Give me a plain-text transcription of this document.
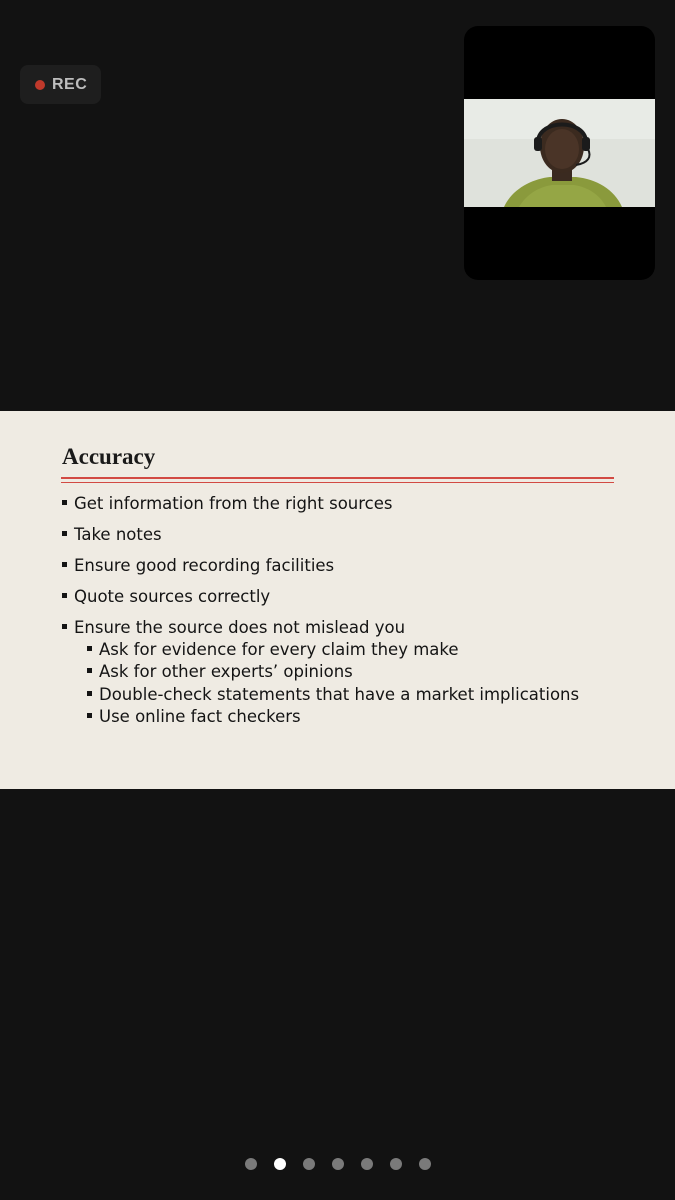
REC
Accuracy
Get information from the right sources
Take notes
Ensure good recording facilities
Quote sources correctly
Ensure the source does not mislead you
Ask for evidence for every claim they make
Ask for other experts’ opinions
Double-check statements that have a market implications
Use online fact checkers
